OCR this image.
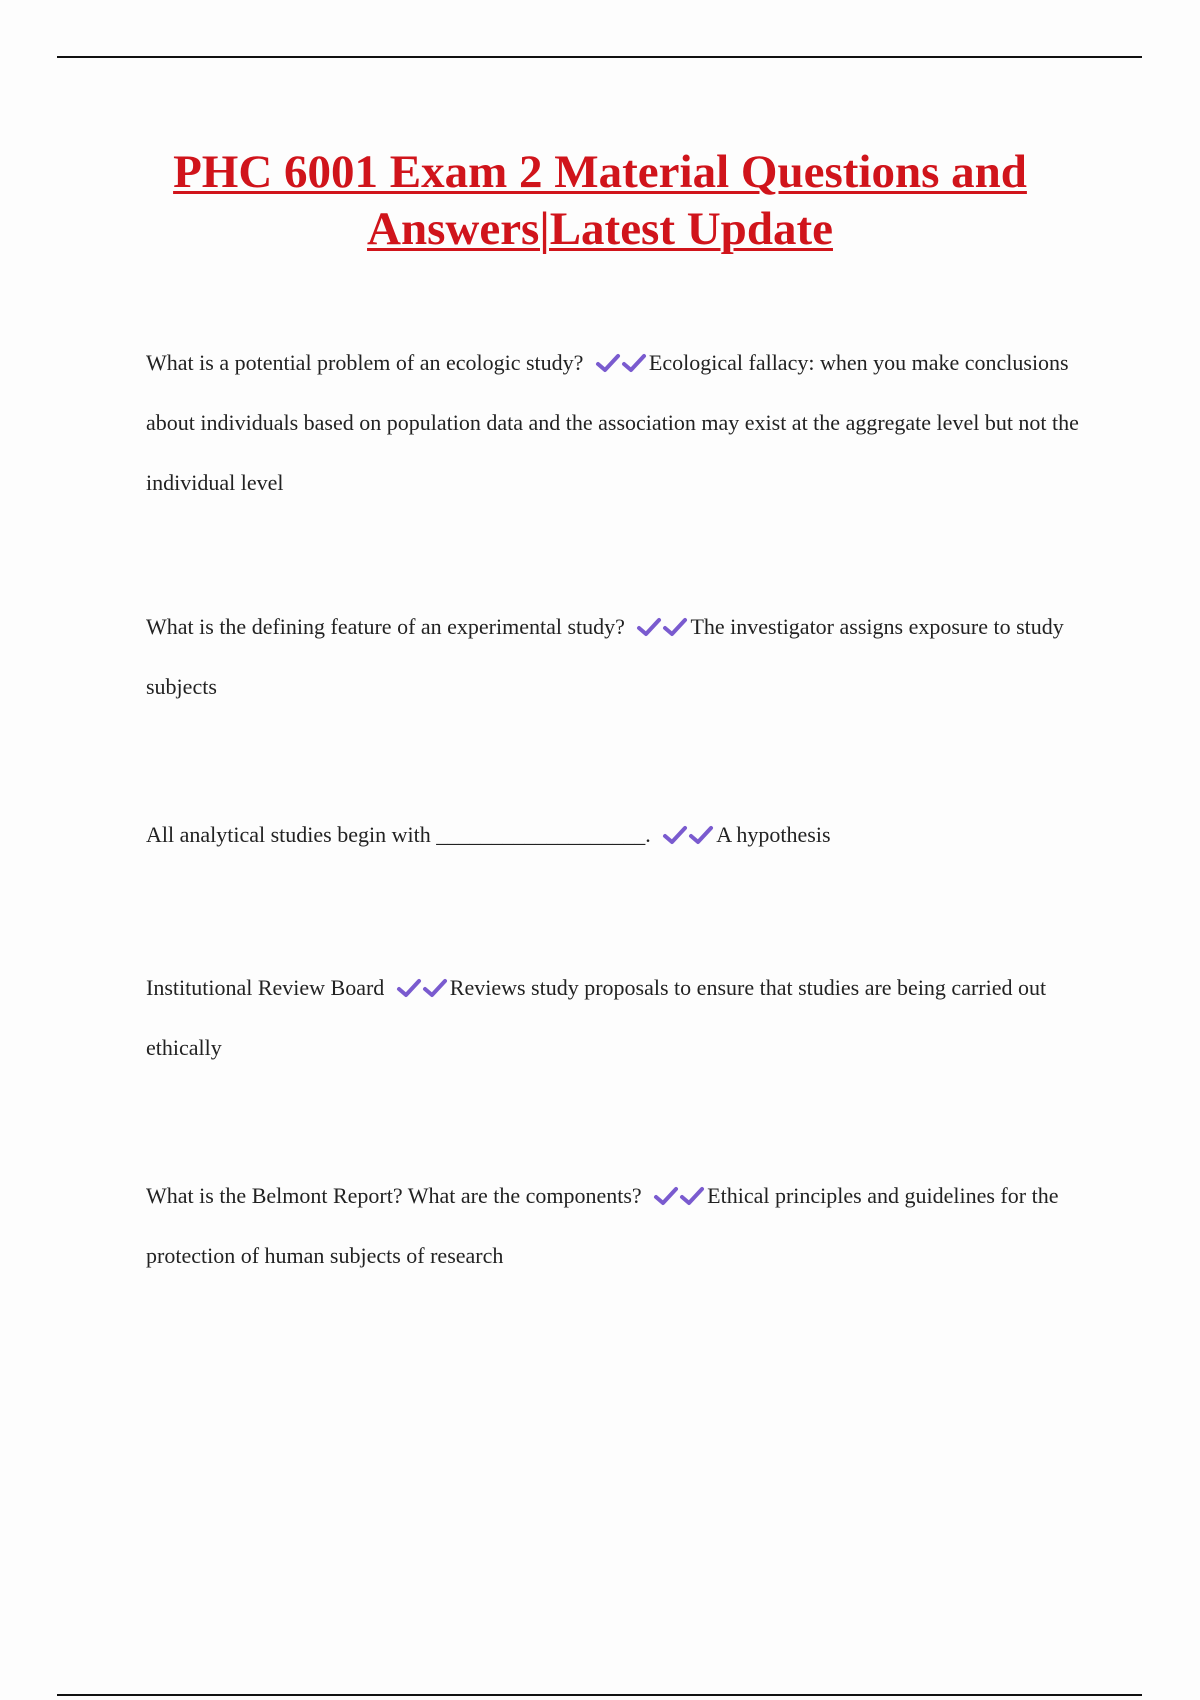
PHC 6001 Exam 2 Material Questions and
Answers|Latest Update

What is a potential problem of an ecologic study?	Ecological fallacy: when you make conclusions about individuals based on population data and the association may exist at the aggregate level but not the individual level

What is the defining feature of an experimental study?	The investigator assigns exposure to study subjects

All analytical studies begin with ___________________.	A hypothesis

Institutional Review Board	Reviews study proposals to ensure that studies are being carried out ethically

What is the Belmont Report? What are the components?	Ethical principles and guidelines for the protection of human subjects of research
